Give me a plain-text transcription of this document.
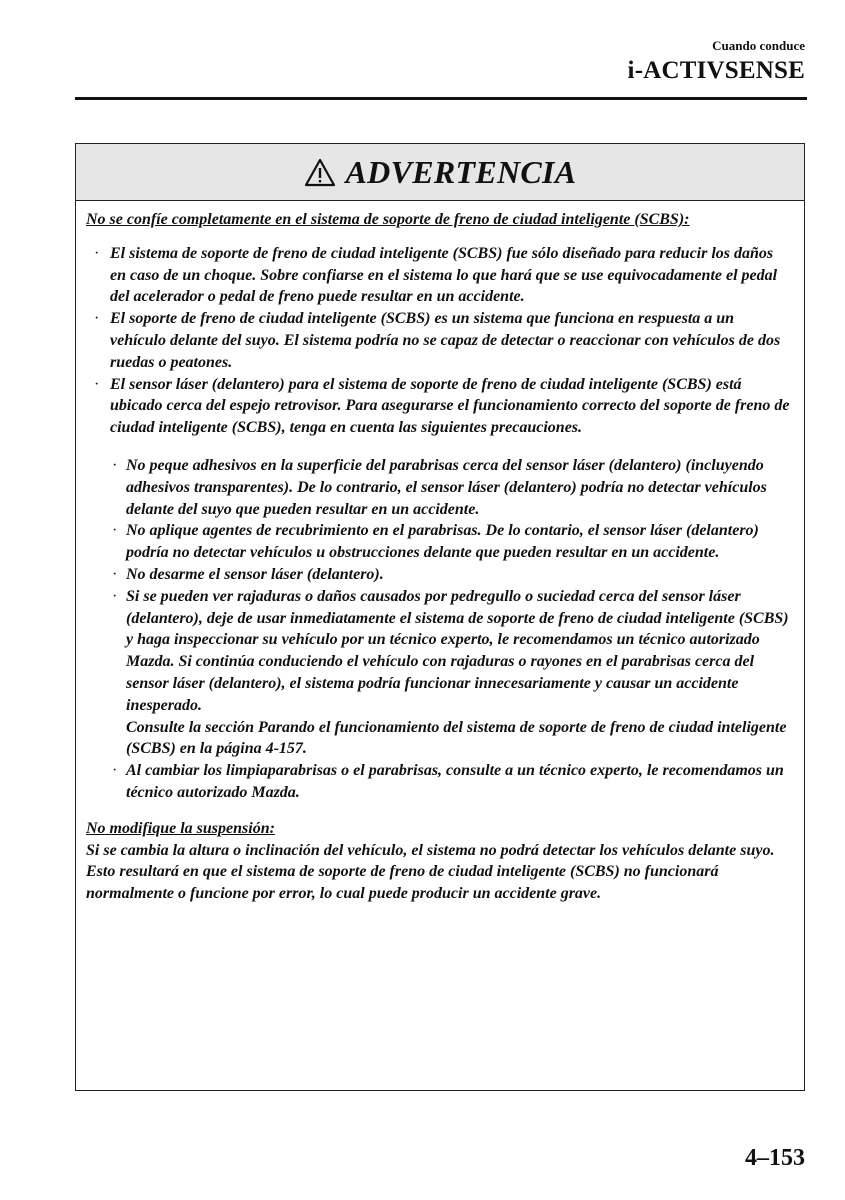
Cuando conduce
i-ACTIVSENSE
ADVERTENCIA

No se confíe completamente en el sistema de soporte de freno de ciudad inteligente (SCBS):

· El sistema de soporte de freno de ciudad inteligente (SCBS) fue sólo diseñado para reducir los daños en caso de un choque. Sobre confiarse en el sistema lo que hará que se use equivocadamente el pedal del acelerador o pedal de freno puede resultar en un accidente.
· El soporte de freno de ciudad inteligente (SCBS) es un sistema que funciona en respuesta a un vehículo delante del suyo. El sistema podría no se capaz de detectar o reaccionar con vehículos de dos ruedas o peatones.
· El sensor láser (delantero) para el sistema de soporte de freno de ciudad inteligente (SCBS) está ubicado cerca del espejo retrovisor. Para asegurarse el funcionamiento correcto del soporte de freno de ciudad inteligente (SCBS), tenga en cuenta las siguientes precauciones.
· No peque adhesivos en la superficie del parabrisas cerca del sensor láser (delantero) (incluyendo adhesivos transparentes). De lo contrario, el sensor láser (delantero) podría no detectar vehículos delante del suyo que pueden resultar en un accidente.
· No aplique agentes de recubrimiento en el parabrisas. De lo contario, el sensor láser (delantero) podría no detectar vehículos u obstrucciones delante que pueden resultar en un accidente.
· No desarme el sensor láser (delantero).
· Si se pueden ver rajaduras o daños causados por pedregullo o suciedad cerca del sensor láser (delantero), deje de usar inmediatamente el sistema de soporte de freno de ciudad inteligente (SCBS) y haga inspeccionar su vehículo por un técnico experto, le recomendamos un técnico autorizado Mazda. Si continúa conduciendo el vehículo con rajaduras o rayones en el parabrisas cerca del sensor láser (delantero), el sistema podría funcionar innecesariamente y causar un accidente inesperado.
Consulte la sección Parando el funcionamiento del sistema de soporte de freno de ciudad inteligente (SCBS) en la página 4-157.
· Al cambiar los limpiaparabrisas o el parabrisas, consulte a un técnico experto, le recomendamos un técnico autorizado Mazda.

No modifique la suspensión:

Si se cambia la altura o inclinación del vehículo, el sistema no podrá detectar los vehículos delante suyo. Esto resultará en que el sistema de soporte de freno de ciudad inteligente (SCBS) no funcionará normalmente o funcione por error, lo cual puede producir un accidente grave.

4–153
